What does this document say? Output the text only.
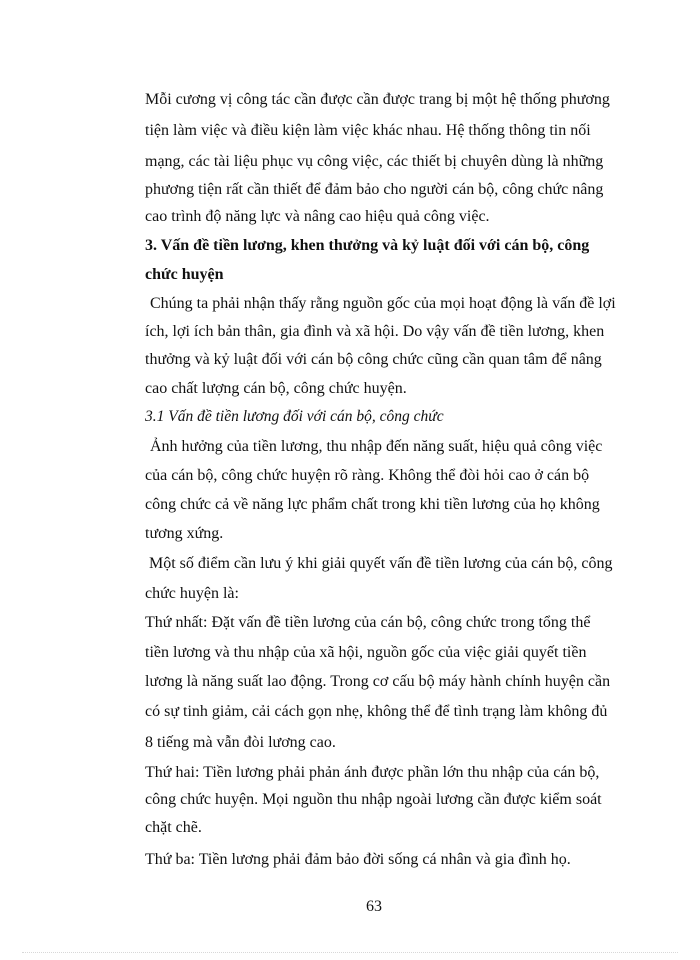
Mỗi cương vị công tác cần được cần được trang bị một hệ thống phương
tiện làm việc và điều kiện làm việc khác nhau. Hệ thống thông tin nối
mạng, các tài liệu phục vụ công việc, các thiết bị chuyên dùng là những
phương tiện rất cần thiết để đảm bảo cho người cán bộ, công chức nâng
cao trình độ năng lực và nâng cao hiệu quả công việc.
3. Vấn đề tiền lương, khen thưởng và kỷ luật đối với cán bộ, công
chức huyện
Chúng ta phải nhận thấy rằng nguồn gốc của mọi hoạt động là vấn đề lợi
ích, lợi ích bản thân, gia đình và xã hội. Do vậy vấn đề tiền lương, khen
thưởng và kỷ luật đối với cán bộ công chức cũng cần quan tâm để nâng
cao chất lượng cán bộ, công chức huyện.
3.1 Vấn đề tiền lương đối với cán bộ, công chức
Ảnh hưởng của tiền lương, thu nhập đến năng suất, hiệu quả công việc
của cán bộ, công chức huyện rõ ràng. Không thể đòi hỏi cao ở cán bộ
công chức cả về năng lực phẩm chất trong khi tiền lương của họ không
tương xứng.
Một số điểm cần lưu ý khi giải quyết vấn đề tiền lương của cán bộ, công
chức huyện là:
Thứ nhất: Đặt vấn đề tiền lương của cán bộ, công chức trong tổng thể
tiền lương và thu nhập của xã hội, nguồn gốc của việc giải quyết tiền
lương là năng suất lao động. Trong cơ cấu bộ máy hành chính huyện cần
có sự tinh giảm, cải cách gọn nhẹ, không thể để tình trạng làm không đủ
8 tiếng mà vẫn đòi lương cao.
Thứ hai: Tiền lương phải phản ánh được phần lớn thu nhập của cán bộ,
công chức huyện. Mọi nguồn thu nhập ngoài lương cần được kiểm soát
chặt chẽ.
Thứ ba: Tiền lương phải đảm bảo đời sống cá nhân và gia đình họ.
63
